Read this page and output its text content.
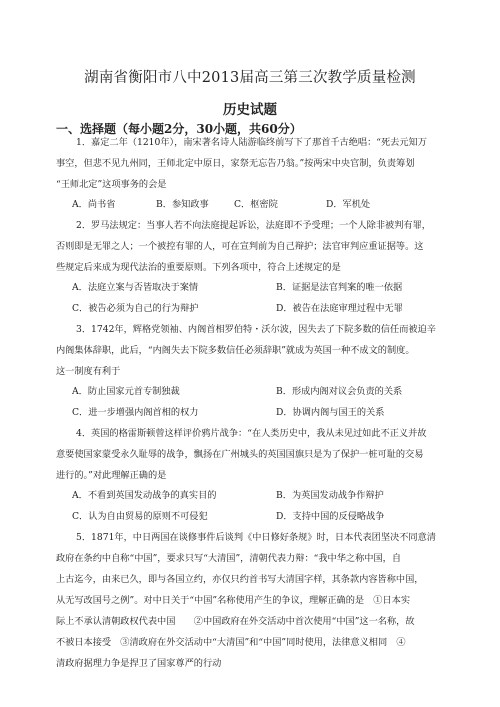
湖南省衡阳市八中2013届高三第三次教学质量检测
历史试题
一、选择题（每小题2分，30小题，共60分）
1．嘉定二年（1210年），南宋著名诗人陆游临终前写下了那首千古绝唱：“死去元知万
事空，但悲不见九州同，王师北定中原日，家祭无忘告乃翁。”按两宋中央官制，负责筹划
“王师北定”这项事务的会是
A．尚书省	B．参知政事	C．枢密院	D．军机处
2．罗马法规定：当事人若不向法庭提起诉讼，法庭即不予受理；一个人除非被判有罪，
否则即是无罪之人；一个被控有罪的人，可在宣判前为自己辩护；法官审判应重证据等。这
些规定后来成为现代法治的重要原则。下列各项中，符合上述规定的是
A．法庭立案与否皆取决于案情	B．证据是法官判案的唯一依据
C．被告必须为自己的行为辩护	D．被告在法庭审理过程中无罪
3．1742年，辉格党领袖、内阁首相罗伯特・沃尔波，因失去了下院多数的信任而被迫辛
内阁集体辞职，此后，“内阁失去下院多数信任必须辞职”就成为英国一种不成文的制度。
这一制度有利于
A．防止国家元首专制独裁	B．形成内阁对议会负责的关系
C．进一步增强内阁首相的权力	D．协调内阁与国王的关系
4．英国的格雷斯顿曾这样评价鸦片战争：“在人类历史中，我从未见过如此不正义并故
意要使国家蒙受永久耻辱的战争，飘扬在广州城头的英国国旗只是为了保护一桩可耻的交易
进行的。”对此理解正确的是
A．不看到英国发动战争的真实目的	B．为英国发动战争作辩护
C．认为自由贸易的原则不可侵犯	D．支持中国的反侵略战争
5．1871年，中日两国在谈修事件后谈判《中日修好条规》时，日本代表团坚决不同意清
政府在条约中自称“中国”，要求只写“大清国”，清朝代表力辩：“我中华之称中国，自
上古迄今，由来已久，即与各国立约，亦仅只约首书写大清国字样，其条款内容皆称中国，
从无写改国号之例”。对中日关于“中国”名称使用产生的争议，理解正确的是　①日本实
际上不承认清朝政权代表中国　　②中国政府在外交活动中首次使用“中国”这一名称，故
不被日本接受　③清政府在外交活动中“大清国”和“中国”同时使用，法律意义相同　④
清政府据理力争是捍卫了国家尊严的行动
